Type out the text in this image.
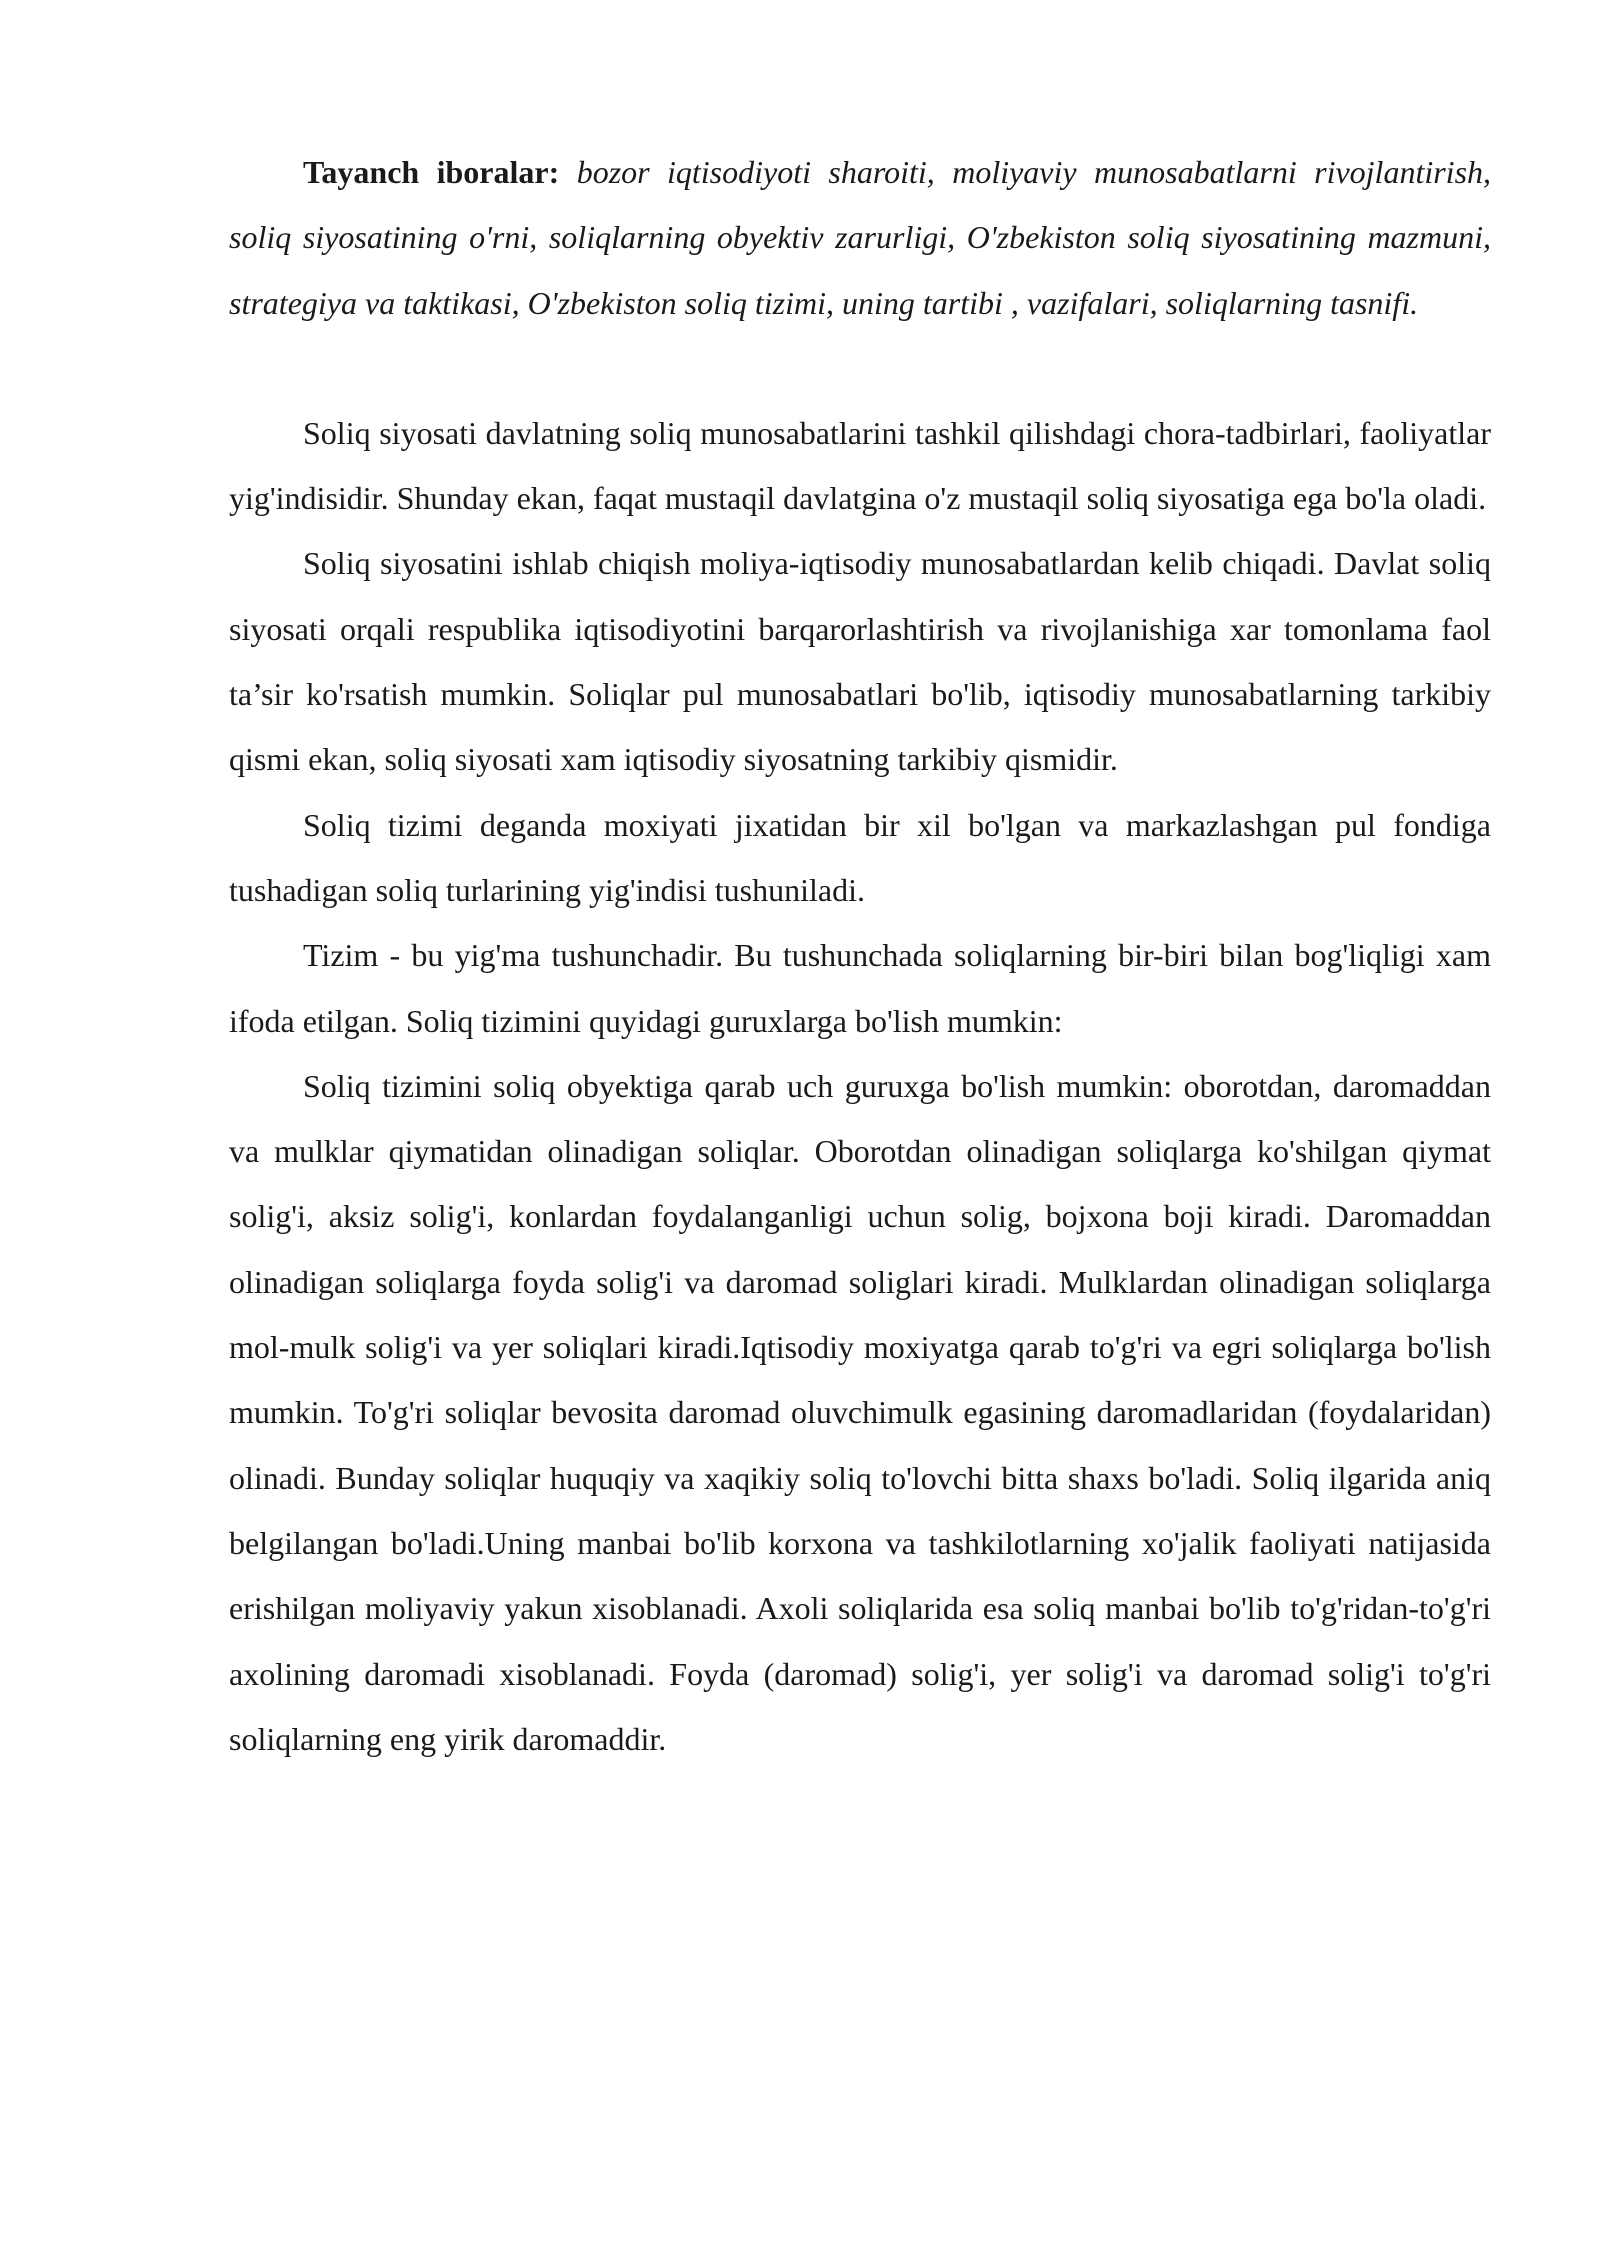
Tayanch iboralar: bozor iqtisodiyoti sharoiti, moliyaviy munosabatlarni rivojlantirish, soliq siyosatining o'rni, soliqlarning obyektiv zarurligi, O'zbekiston soliq siyosatining mazmuni, strategiya va taktikasi, O'zbekiston soliq tizimi, uning tartibi , vazifalari, soliqlarning tasnifi.

Soliq siyosati davlatning soliq munosabatlarini tashkil qilishdagi chora-tadbirlari, faoliyatlar yig'indisidir. Shunday ekan, faqat mustaqil davlatgina o'z mustaqil soliq siyosatiga ega bo'la oladi.

Soliq siyosatini ishlab chiqish moliya-iqtisodiy munosabatlardan kelib chiqadi. Davlat soliq siyosati orqali respublika iqtisodiyotini barqarorlashtirish va rivojlanishiga xar tomonlama faol ta’sir ko'rsatish mumkin. Soliqlar pul munosabatlari bo'lib, iqtisodiy munosabatlarning tarkibiy qismi ekan, soliq siyosati xam iqtisodiy siyosatning tarkibiy qismidir.

Soliq tizimi deganda moxiyati jixatidan bir xil bo'lgan va markazlashgan pul fondiga tushadigan soliq turlarining yig'indisi tushuniladi.

Tizim - bu yig'ma tushunchadir. Bu tushunchada soliqlarning bir-biri bilan bog'liqligi xam ifoda etilgan. Soliq tizimini quyidagi guruxlarga bo'lish mumkin:

Soliq tizimini soliq obyektiga qarab uch guruxga bo'lish mumkin: oborotdan, daromaddan va mulklar qiymatidan olinadigan soliqlar. Oborotdan olinadigan soliqlarga ko'shilgan qiymat solig'i, aksiz solig'i, konlardan foydalanganligi uchun solig, bojxona boji kiradi. Daromaddan olinadigan soliqlarga foyda solig'i va daromad soliglari kiradi. Mulklardan olinadigan soliqlarga mol-mulk solig'i va yer soliqlari kiradi.Iqtisodiy moxiyatga qarab to'g'ri va egri soliqlarga bo'lish mumkin. To'g'ri soliqlar bevosita daromad oluvchimulk egasining daromadlaridan (foydalaridan) olinadi. Bunday soliqlar huquqiy va xaqikiy soliq to'lovchi bitta shaxs bo'ladi. Soliq ilgarida aniq belgilangan bo'ladi.Uning manbai bo'lib korxona va tashkilotlarning xo'jalik faoliyati natijasida erishilgan moliyaviy yakun xisoblanadi. Axoli soliqlarida esa soliq manbai bo'lib to'g'ridan-to'g'ri axolining daromadi xisoblanadi. Foyda (daromad) solig'i, yer solig'i va daromad solig'i to'g'ri soliqlarning eng yirik daromaddir.
